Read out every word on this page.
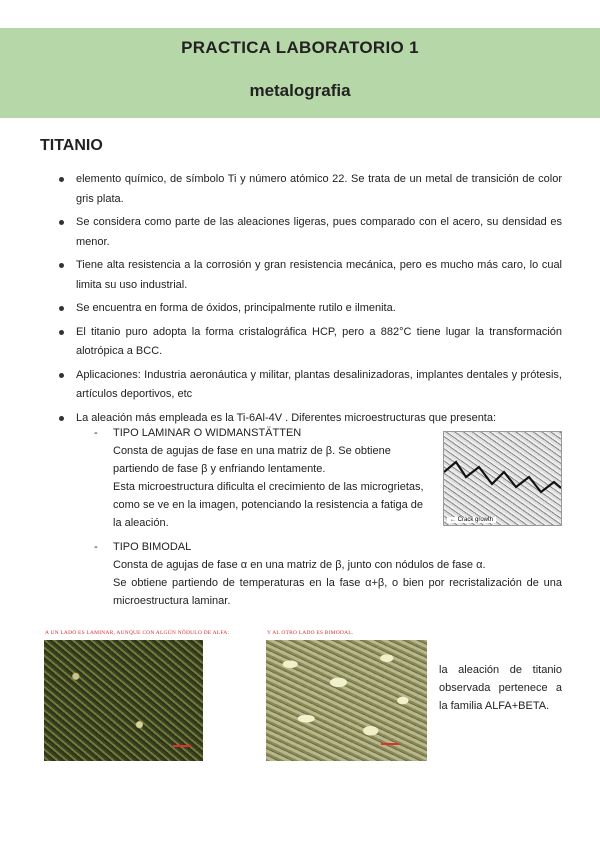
PRACTICA LABORATORIO 1
metalografia
TITANIO
elemento químico, de símbolo Ti y número atómico 22. Se trata de un metal de transición de color gris plata.
Se considera como parte de las aleaciones ligeras, pues comparado con el acero, su densidad es menor.
Tiene alta resistencia a la corrosión y gran resistencia mecánica, pero es mucho más caro, lo cual limita su uso industrial.
Se encuentra en forma de óxidos, principalmente rutilo e ilmenita.
El titanio puro adopta la forma cristalográfica HCP, pero a 882°C tiene lugar la transformación alotrópica a BCC.
Aplicaciones: Industria aeronáutica y militar, plantas desalinizadoras, implantes dentales y prótesis, artículos deportivos, etc
La aleación más empleada es la Ti-6Al-4V . Diferentes microestructuras que presenta:
- TIPO LAMINAR O WIDMANSTÄTTEN
Consta de agujas de fase en una matriz de β. Se obtiene partiendo de fase β y enfriando lentamente.
Esta microestructura dificulta el crecimiento de las microgrietas, como se ve en la imagen, potenciando la resistencia a fatiga de la aleación.	← Crack growth
- TIPO BIMODAL
Consta de agujas de fase α en una matriz de β, junto con nódulos de fase α.
Se obtiene partiendo de temperaturas en la fase α+β, o bien por recristalización de una microestructura laminar.
A UN LADO ES LAMINAR, AUNQUE CON ALGÚN NÓDULO DE ALFA:	Y AL OTRO LADO ES BIMODAL.
la aleación de titanio observada pertenece a la familia ALFA+BETA.
